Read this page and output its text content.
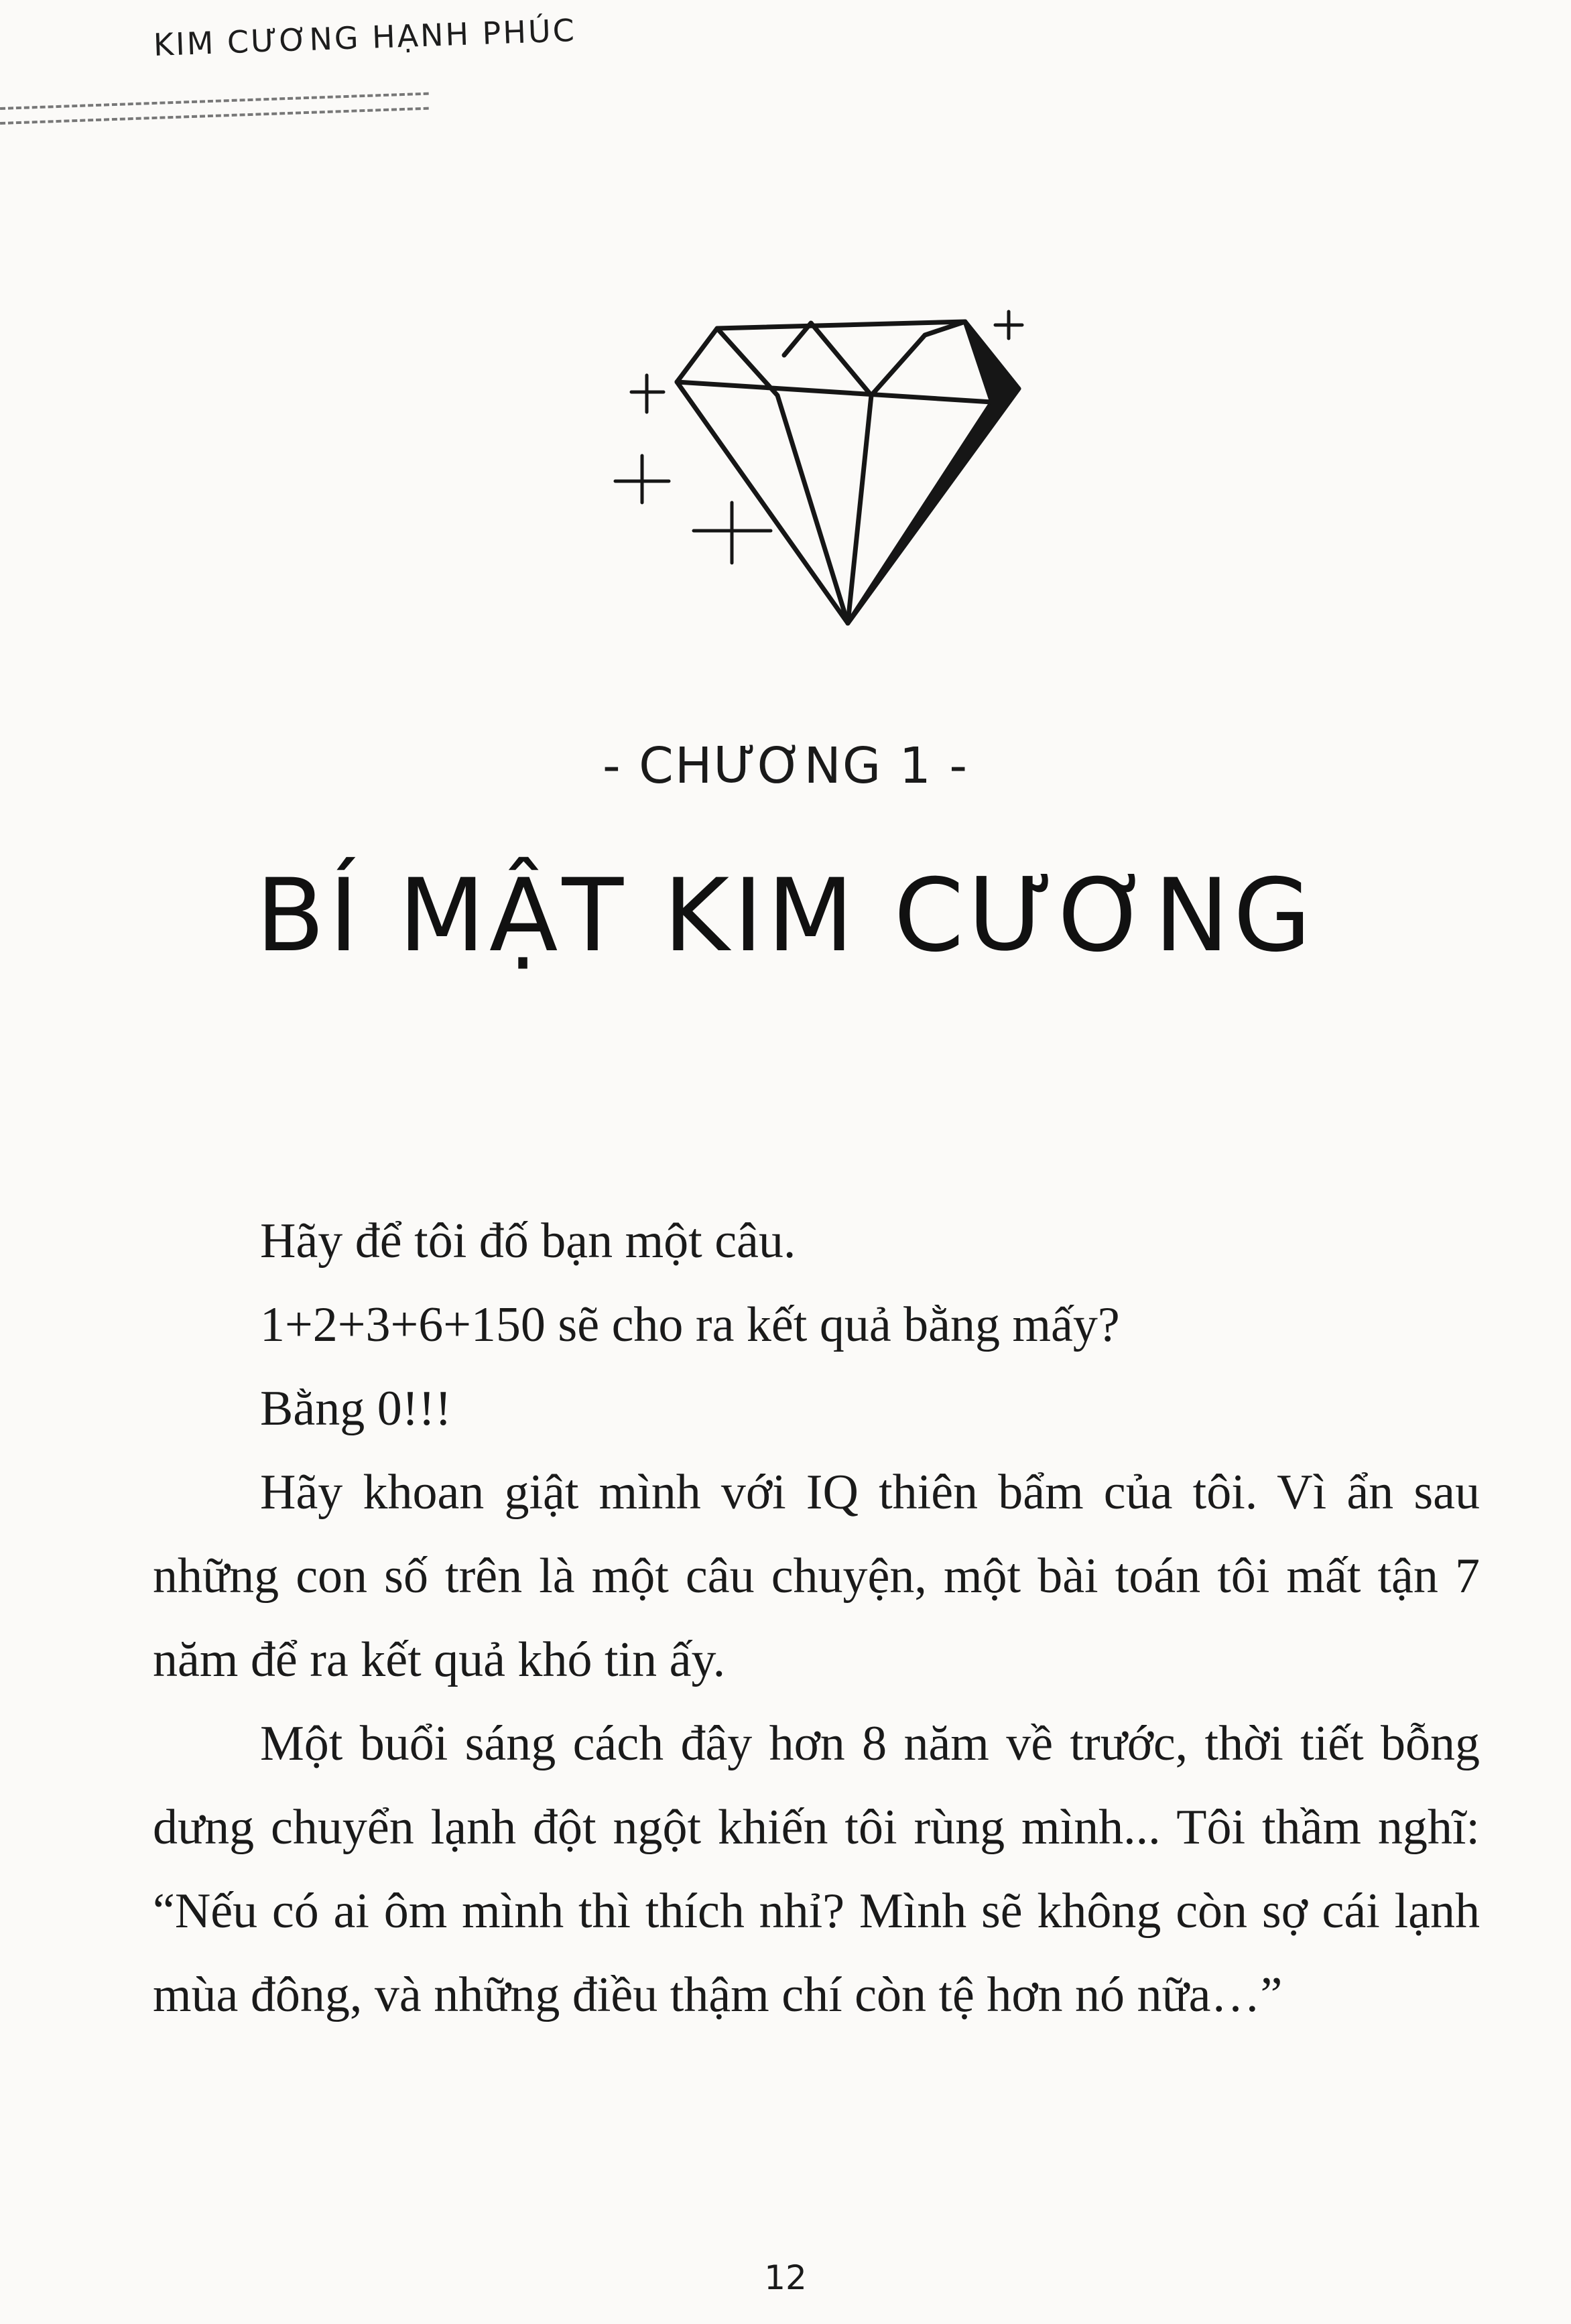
KIM CƯƠNG HẠNH PHÚC
- CHƯƠNG 1 -
BÍ MẬT KIM CƯƠNG

Hãy để tôi đố bạn một câu.

1+2+3+6+150 sẽ cho ra kết quả bằng mấy?

Bằng 0!!!

Hãy khoan giật mình với IQ thiên bẩm của tôi. Vì ẩn sau những con số trên là một câu chuyện, một bài toán tôi mất tận 7 năm để ra kết quả khó tin ấy.

Một buổi sáng cách đây hơn 8 năm về trước, thời tiết bỗng dưng chuyển lạnh đột ngột khiến tôi rùng mình... Tôi thầm nghĩ: “Nếu có ai ôm mình thì thích nhỉ? Mình sẽ không còn sợ cái lạnh mùa đông, và những điều thậm chí còn tệ hơn nó nữa…”

12
